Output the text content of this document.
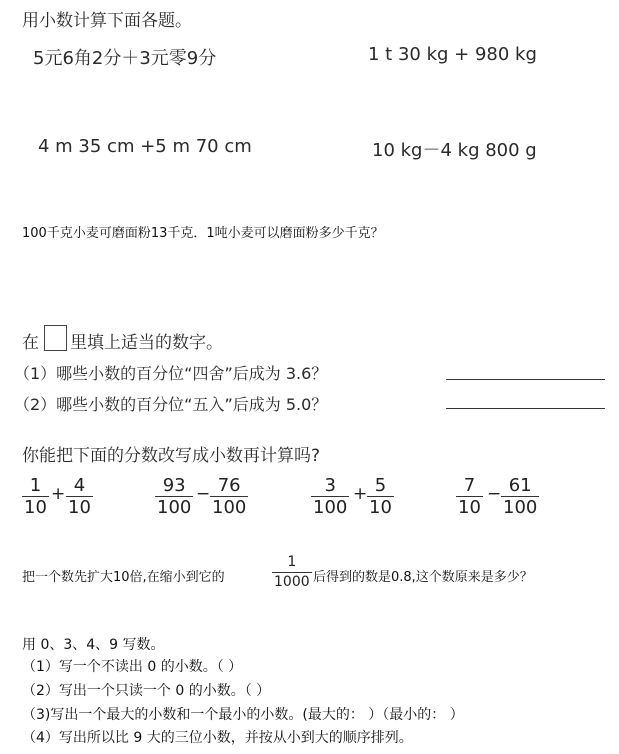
用小数计算下面各题。
5元6角2分＋3元零9分	1 t 30 kg + 980 kg
4 m 35 cm +5 m 70 cm	10 kg－4 kg 800 g
100千克小麦可磨面粉13千克．1吨小麦可以磨面粉多少千克？
在 里填上适当的数字。
（1）哪些小数的百分位“四舍”后成为 3.6？
（2）哪些小数的百分位“五入”后成为 5.0？
你能把下面的分数改写成小数再计算吗?
1
10
+ 4
10
93
100
− 76
100
3
100
+ 5
10
7
10
− 61
100
把一个数先扩大10倍,在缩小到它的
1
1000 后得到的数是0.8,这个数原来是多少？
用 0、3、4、9 写数。
（1）写一个不读出 0 的小数。（ ）
（2）写出一个只读一个 0 的小数。（ ）
（3)写出一个最大的小数和一个最小的小数。(最大的： ）（最小的： ）
（4）写出所以比 9 大的三位小数，并按从小到大的顺序排列。
